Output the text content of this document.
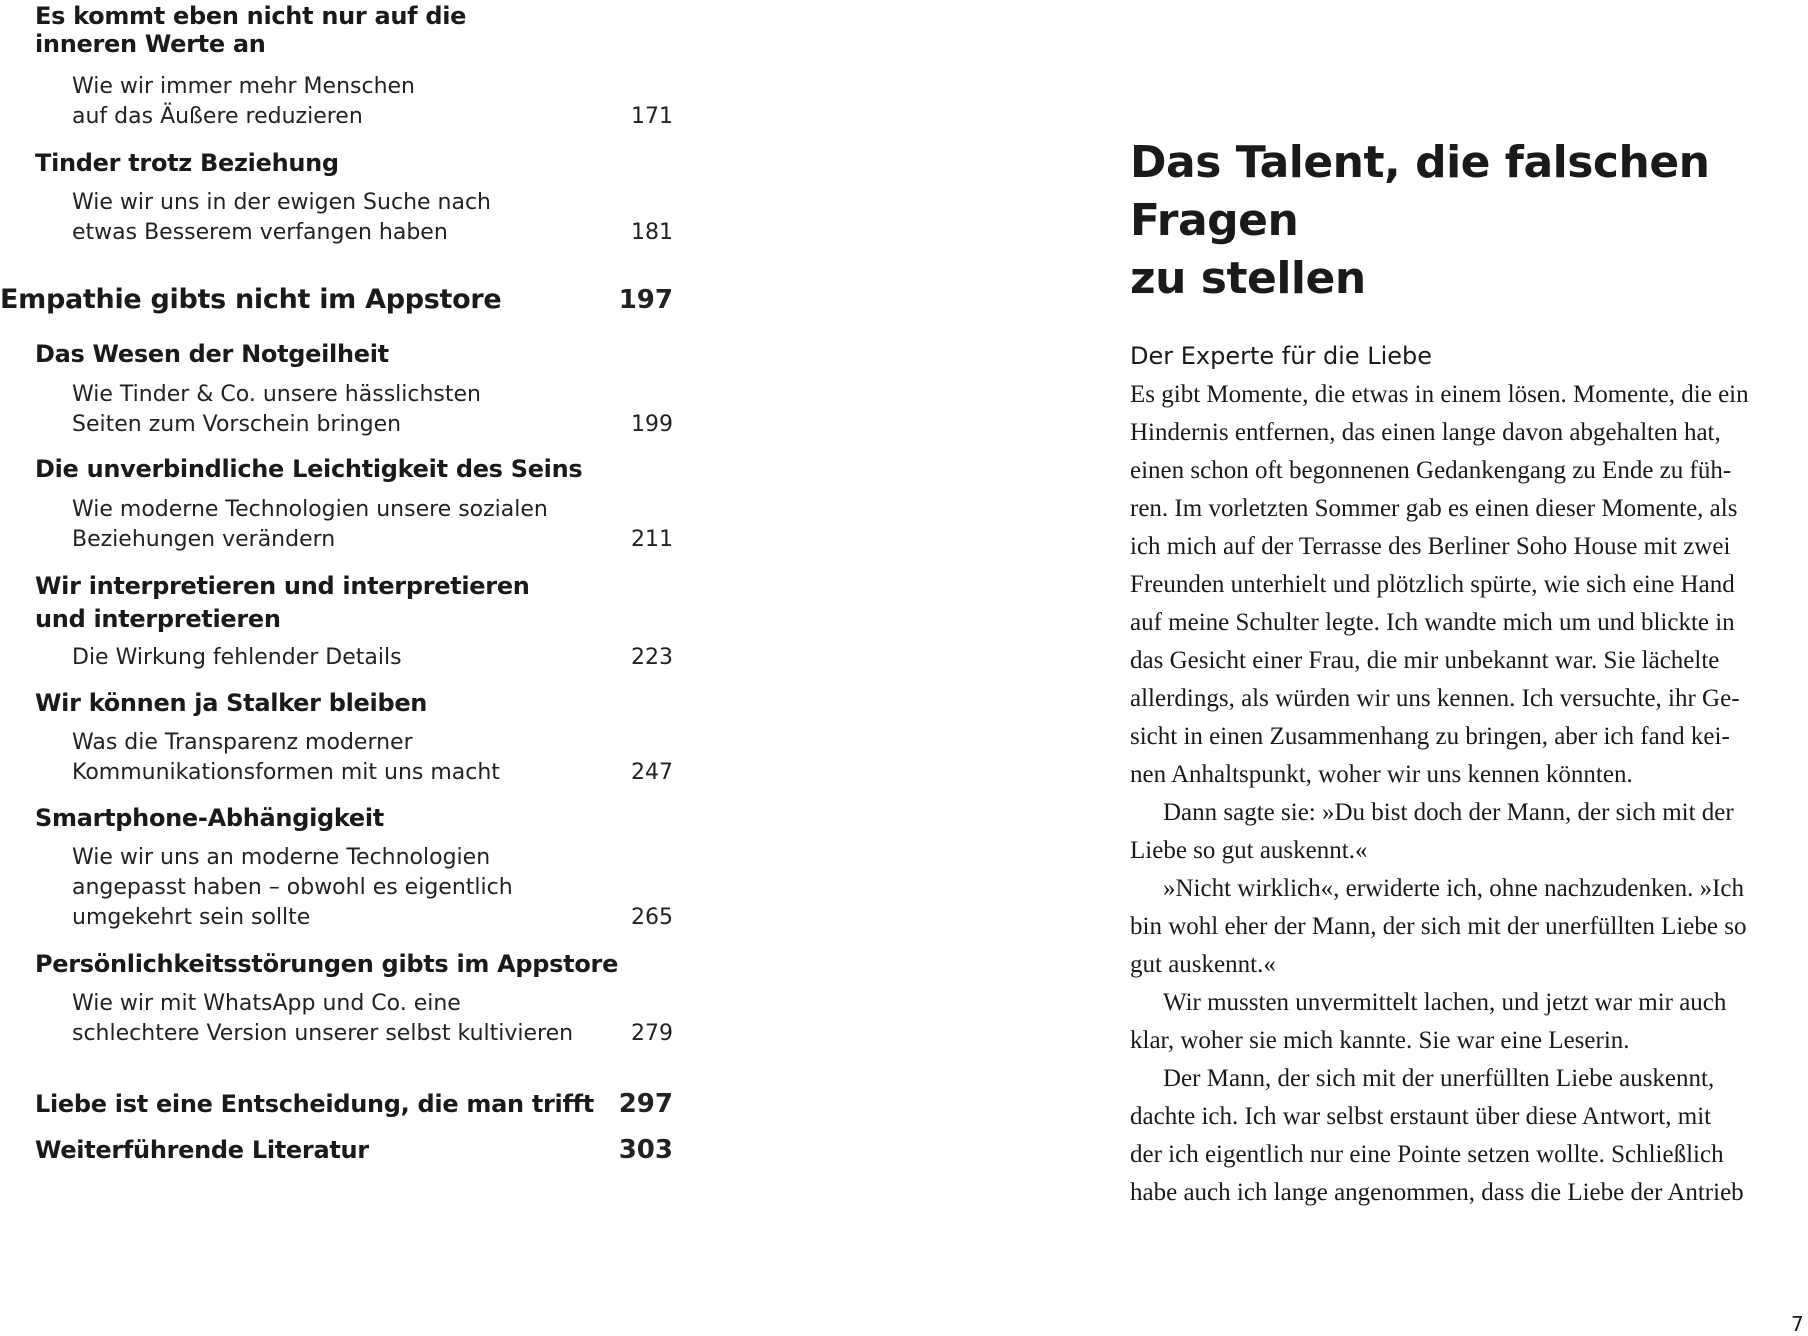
Es kommt eben nicht nur auf die
inneren Werte an
Wie wir immer mehr Menschen
auf das Äußere reduzieren	171
Tinder trotz Beziehung
Wie wir uns in der ewigen Suche nach
etwas Besserem verfangen haben	181
Empathie gibts nicht im Appstore	197
Das Wesen der Notgeilheit
Wie Tinder & Co. unsere hässlichsten
Seiten zum Vorschein bringen	199
Die unverbindliche Leichtigkeit des Seins
Wie moderne Technologien unsere sozialen
Beziehungen verändern	211
Wir interpretieren und interpretieren
und interpretieren
Die Wirkung fehlender Details	223
Wir können ja Stalker bleiben
Was die Transparenz moderner
Kommunikationsformen mit uns macht	247
Smartphone-Abhängigkeit
Wie wir uns an moderne Technologien
angepasst haben – obwohl es eigentlich
umgekehrt sein sollte	265
Persönlichkeitsstörungen gibts im Appstore
Wie wir mit WhatsApp und Co. eine
schlechtere Version unserer selbst kultivieren	279
Liebe ist eine Entscheidung, die man trifft 297
Weiterführende Literatur	303
Das Talent, die falschen Fragen
zu stellen
Der Experte für die Liebe
Es gibt Momente, die etwas in einem lösen. Momente, die ein
Hindernis entfernen, das einen lange davon abgehalten hat,
einen schon oft begonnenen Gedankengang zu Ende zu füh-
ren. Im vorletzten Sommer gab es einen dieser Momente, als
ich mich auf der Terrasse des Berliner Soho House mit zwei
Freunden unterhielt und plötzlich spürte, wie sich eine Hand
auf meine Schulter legte. Ich wandte mich um und blickte in
das Gesicht einer Frau, die mir unbekannt war. Sie lächelte
allerdings, als würden wir uns kennen. Ich versuchte, ihr Ge-
sicht in einen Zusammenhang zu bringen, aber ich fand kei-
nen Anhaltspunkt, woher wir uns kennen könnten.
Dann sagte sie: »Du bist doch der Mann, der sich mit der
Liebe so gut auskennt.«
»Nicht wirklich«, erwiderte ich, ohne nachzudenken. »Ich
bin wohl eher der Mann, der sich mit der unerfüllten Liebe so
gut auskennt.«
Wir mussten unvermittelt lachen, und jetzt war mir auch
klar, woher sie mich kannte. Sie war eine Leserin.
Der Mann, der sich mit der unerfüllten Liebe auskennt,
dachte ich. Ich war selbst erstaunt über diese Antwort, mit
der ich eigentlich nur eine Pointe setzen wollte. Schließlich
habe auch ich lange angenommen, dass die Liebe der Antrieb
7
